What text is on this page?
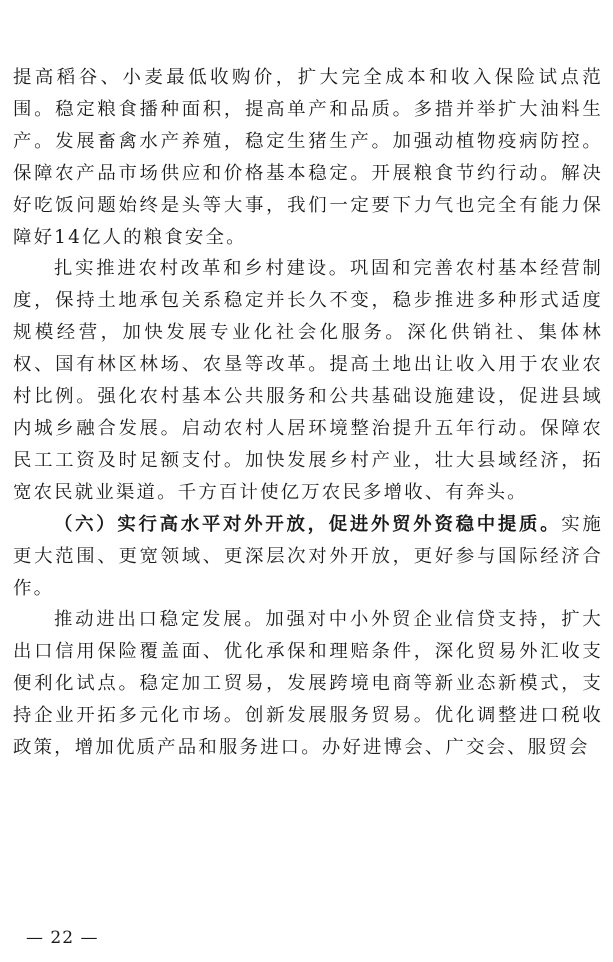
提高稻谷、小麦最低收购价，扩大完全成本和收入保险试点范围。稳定粮食播种面积，提高单产和品质。多措并举扩大油料生产。发展畜禽水产养殖，稳定生猪生产。加强动植物疫病防控。保障农产品市场供应和价格基本稳定。开展粮食节约行动。解决好吃饭问题始终是头等大事，我们一定要下力气也完全有能力保障好14亿人的粮食安全。

扎实推进农村改革和乡村建设。巩固和完善农村基本经营制度，保持土地承包关系稳定并长久不变，稳步推进多种形式适度规模经营，加快发展专业化社会化服务。深化供销社、集体林权、国有林区林场、农垦等改革。提高土地出让收入用于农业农村比例。强化农村基本公共服务和公共基础设施建设，促进县域内城乡融合发展。启动农村人居环境整治提升五年行动。保障农民工工资及时足额支付。加快发展乡村产业，壮大县域经济，拓宽农民就业渠道。千方百计使亿万农民多增收、有奔头。

（六）实行高水平对外开放，促进外贸外资稳中提质。实施更大范围、更宽领域、更深层次对外开放，更好参与国际经济合作。

推动进出口稳定发展。加强对中小外贸企业信贷支持，扩大出口信用保险覆盖面、优化承保和理赔条件，深化贸易外汇收支便利化试点。稳定加工贸易，发展跨境电商等新业态新模式，支持企业开拓多元化市场。创新发展服务贸易。优化调整进口税收政策，增加优质产品和服务进口。办好进博会、广交会、服贸会

— 22 —
